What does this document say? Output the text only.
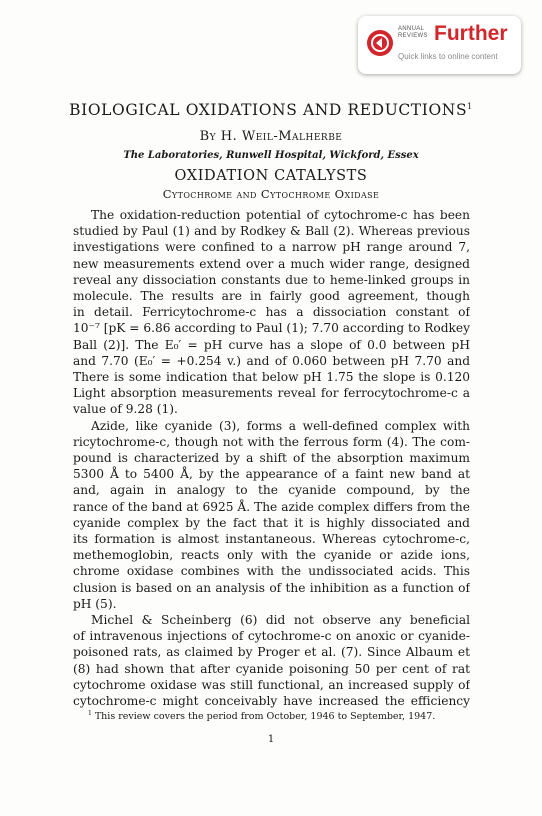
ANNUAL
REVIEWS Further
Quick links to online content
BIOLOGICAL OXIDATIONS AND REDUCTIONS$^1$
By H. Weil-Malherbe
The Laboratories, Runwell Hospital, Wickford, Essex
OXIDATION CATALYSTS
Cytochrome and Cytochrome Oxidase
The oxidation-reduction potential of cytochrome-c has been
studied by Paul (1) and by Rodkey & Ball (2). Whereas previous
investigations were confined to a narrow pH range around 7,
new measurements extend over a much wider range, designed
reveal any dissociation constants due to heme-linked groups in
molecule. The results are in fairly good agreement, though
in detail. Ferricytochrome-c has a dissociation constant of
10⁻⁷ [pK = 6.86 according to Paul (1); 7.70 according to Rodkey
Ball (2)]. The E₀′ = pH curve has a slope of 0.0 between pH
and 7.70 (E₀′ = +0.254 v.) and of 0.060 between pH 7.70 and
There is some indication that below pH 1.75 the slope is 0.120
Light absorption measurements reveal for ferrocytochrome-c a
value of 9.28 (1).
Azide, like cyanide (3), forms a well-defined complex with
ricytochrome-c, though not with the ferrous form (4). The com-
pound is characterized by a shift of the absorption maximum
5300 Å to 5400 Å, by the appearance of a faint new band at
and, again in analogy to the cyanide compound, by the
rance of the band at 6925 Å. The azide complex differs from the
cyanide complex by the fact that it is highly dissociated and
its formation is almost instantaneous. Whereas cytochrome-c,
methemoglobin, reacts only with the cyanide or azide ions,
chrome oxidase combines with the undissociated acids. This
clusion is based on an analysis of the inhibition as a function of
pH (5).
Michel & Scheinberg (6) did not observe any beneficial
of intravenous injections of cytochrome-c on anoxic or cyanide-
poisoned rats, as claimed by Proger et al. (7). Since Albaum et
(8) had shown that after cyanide poisoning 50 per cent of rat
cytochrome oxidase was still functional, an increased supply of
cytochrome-c might conceivably have increased the efficiency
$^1$ This review covers the period from October, 1946 to September, 1947.
1
